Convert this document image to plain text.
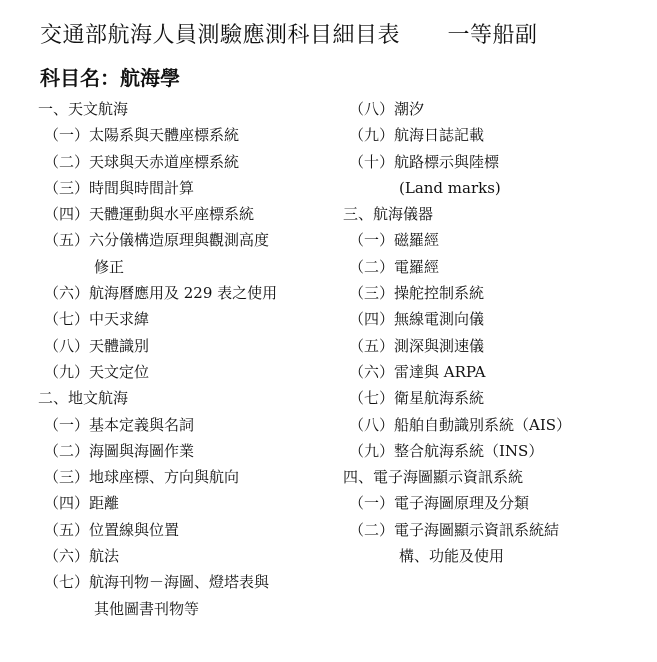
交通部航海人員測驗應測科目細目表 一等船副
科目名：航海學
一、天文航海
（一）太陽系與天體座標系統
（二）天球與天赤道座標系統
（三）時間與時間計算
（四）天體運動與水平座標系統
（五）六分儀構造原理與觀測高度
修正
（六）航海曆應用及 229 表之使用
（七）中天求緯
（八）天體識別
（九）天文定位
二、地文航海
（一）基本定義與名詞
（二）海圖與海圖作業
（三）地球座標、方向與航向
（四）距離
（五）位置線與位置
（六）航法
（七）航海刊物－海圖、燈塔表與
其他圖書刊物等
（八）潮汐
（九）航海日誌記載
（十）航路標示與陸標
(Land marks)
三、航海儀器
（一）磁羅經
（二）電羅經
（三）操舵控制系統
（四）無線電測向儀
（五）測深與測速儀
（六）雷達與 ARPA
（七）衛星航海系統
（八）船舶自動識別系統（AIS）
（九）整合航海系統（INS）
四、電子海圖顯示資訊系統
（一）電子海圖原理及分類
（二）電子海圖顯示資訊系統結
構、功能及使用
